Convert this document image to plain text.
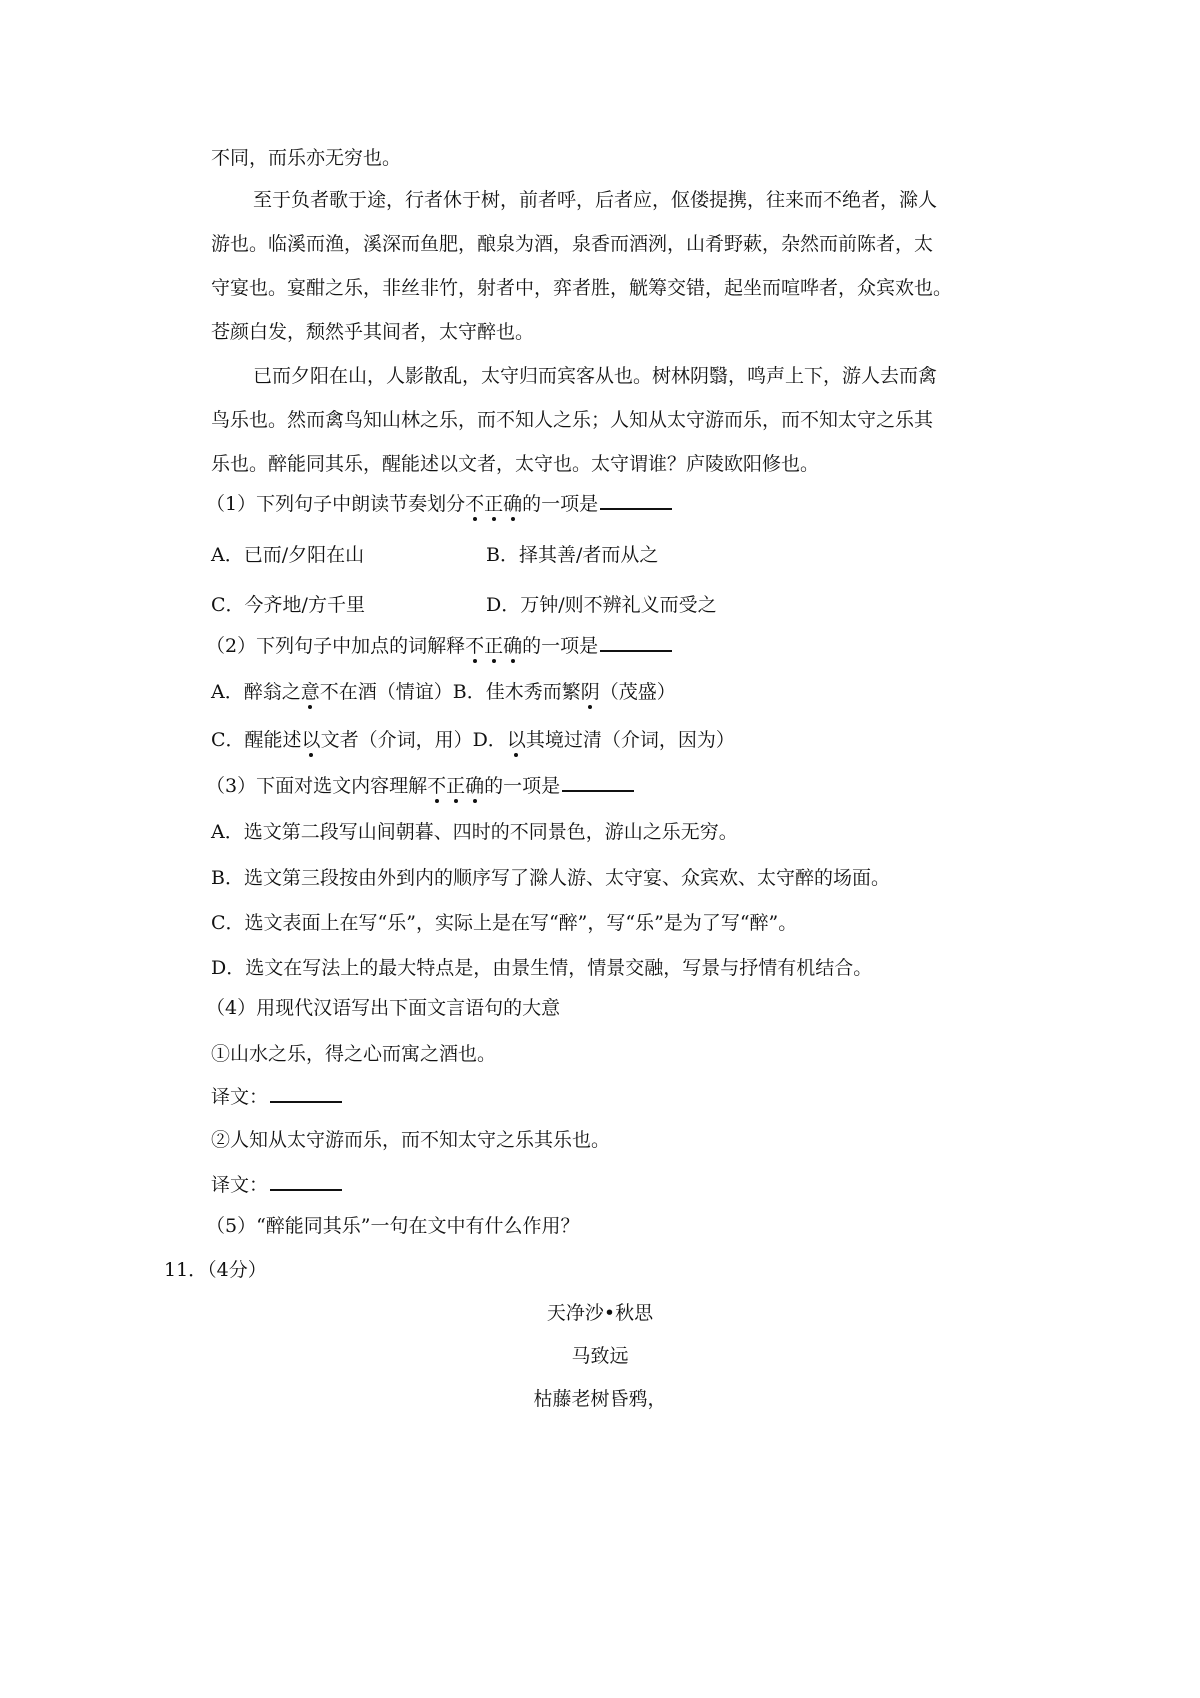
不同，而乐亦无穷也。

至于负者歌于途，行者休于树，前者呼，后者应，伛偻提携，往来而不绝者，滁人

游也。临溪而渔，溪深而鱼肥，酿泉为酒，泉香而酒洌，山肴野蔌，杂然而前陈者，太

守宴也。宴酣之乐，非丝非竹，射者中，弈者胜，觥筹交错，起坐而喧哗者，众宾欢也。

苍颜白发，颓然乎其间者，太守醉也。

已而夕阳在山，人影散乱，太守归而宾客从也。树林阴翳，鸣声上下，游人去而禽

鸟乐也。然而禽鸟知山林之乐，而不知人之乐；人知从太守游而乐，而不知太守之乐其

乐也。醉能同其乐，醒能述以文者，太守也。太守谓谁？庐陵欧阳修也。

（1）下列句子中朗读节奏划分不正确的一项是

A．已而/夕阳在山	B．择其善/者而从之

C．今齐地/方千里	D．万钟/则不辨礼义而受之

（2）下列句子中加点的词解释不正确的一项是

A．醉翁之意不在酒（情谊）B．佳木秀而繁阴（茂盛）

C．醒能述以文者（介词，用）D．以其境过清（介词，因为）

（3）下面对选文内容理解不正确的一项是

A．选文第二段写山间朝暮、四时的不同景色，游山之乐无穷。

B．选文第三段按由外到内的顺序写了滁人游、太守宴、众宾欢、太守醉的场面。

C．选文表面上在写“乐”，实际上是在写“醉”，写“乐”是为了写“醉”。

D．选文在写法上的最大特点是，由景生情，情景交融，写景与抒情有机结合。

（4）用现代汉语写出下面文言语句的大意

①山水之乐，得之心而寓之酒也。

译文：

②人知从太守游而乐，而不知太守之乐其乐也。

译文：

（5）“醉能同其乐”一句在文中有什么作用？

11．（4分）

天净沙•秋思

马致远

枯藤老树昏鸦，
